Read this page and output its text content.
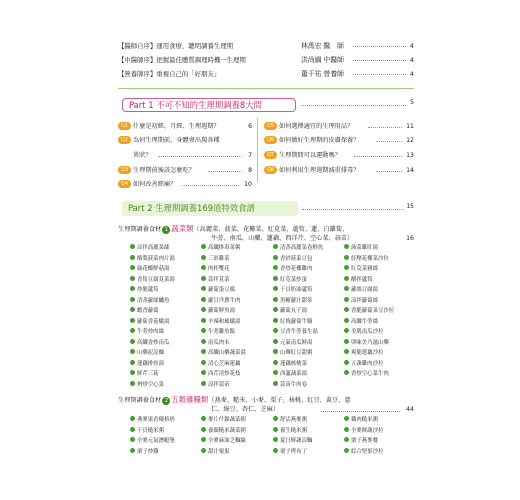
【醫師自序】運用食療，聰明調養生理期	林禹宏 醫　師	4
【中醫師序】把握最佳體質調理時機一生理期	洪尚綱 中醫師	4
【營養師序】重視自己的「好朋友」	蕭千祐 營養師	4
Part 1 不可不知的生理期調養8大問	5
Q1 什麼是初經、月經、生理週期？	6
Q2 為何生理期前，身體會出現各種
異狀？	7
Q3 生理期前後該怎麼吃？	8
Q4 如何改善經痛？	10
Q5 如何選擇適宜的生理用品？	11
Q6 如何做好生理期的皮膚保養？	12
Q7 生理期間可以運動嗎？	13
Q8 如何利用生理週期減重排毒？	14
Part 2 生理期調養169道特效食譜	15
生理期調養食材 1 蔬菜類（高麗菜、菠菜、花椰菜、紅莧菜、蘆筍、蓮、白蘿蔔、
牛蒡、南瓜、山藥、蓮藕、西洋芹、空心菜、蒜苗）	16
涼拌高麗菜絲	高纖排毒菜粥	清蒸高麗菜卷鮮魚	菠菜雞肝湯
酪梨菠菜肉片湯	三彩雞菜	香紗菠菜豆包	紓壓花椰菜沙拉
綠花椰鮮菇湯	肉桂雙花	香炒花椰雞肉	紅莧菜豬絲
香筍豆腐莧菜湯	蒜拌莧菜	紅莧菜炒蛋	醋拌蘆筍
炒脆蘆筍	蘿蔔蛋豆腐	干貝奶油蘆筍	蘿絲豆腐湯
清蒸蘿絲鱸魚	蘿甘洋蔥牛肉	黑糖蘿汁甜茶	涼拌蘿蔔絲
蝦香蘿蔔	蘿蔔鮮魚湯	蘿蔔丸子湯	香脆蘿蔔菜豆沙拉
蘿蔔香菇燉湯	辛辣和風燉湯	紅燒蘿蔔牛腩	高纖牛蒡絲
牛蒡炒肉絲	牛蒡雞魚飯	豆香牛蒡養生湯	美肌南瓜沙拉
高纖香炒南瓜	南瓜肉末	元氣南瓜鮮湯	卯味美乃滋山藥
山藥泥涼麵	高纖山藥蔬菜湯	山藥紅豆甜粥	爽脆蓮藕沙拉
蓮藕排骨湯	清心芝麻蓮藕	蓮藕核桃菜	五蔬雞肉沙拉
鮮芹三菇	西芹清炒花枝	西蘆蔬菜湯	香炒空心菜牛肉
辨炒空心菜	涼拌蒜苗	蒜苗牛肉卷
生理期調養食材 2 五穀雜糧類（燕麥、糙米、小麥、栗子、核桃、紅豆、黃豆、薏
仁、綠豆、杏仁、芝麻）	44
燕麥果香優格奶	麥片什錦蔬菜粥	舒活燕麥粥	雞肉糙米粥
干貝糙米粥	養顏糙米蔬菜粥	養生糙米粥	全麥鮮蔬沙拉
全麥元氣潛艇堡	全麥麻油乏麵線	夏日鮮蔬涼麵	栗子燕麥餐
栗子炒雞	甜汁栗果	栗子烤布丁	綜合堅果沙拉
